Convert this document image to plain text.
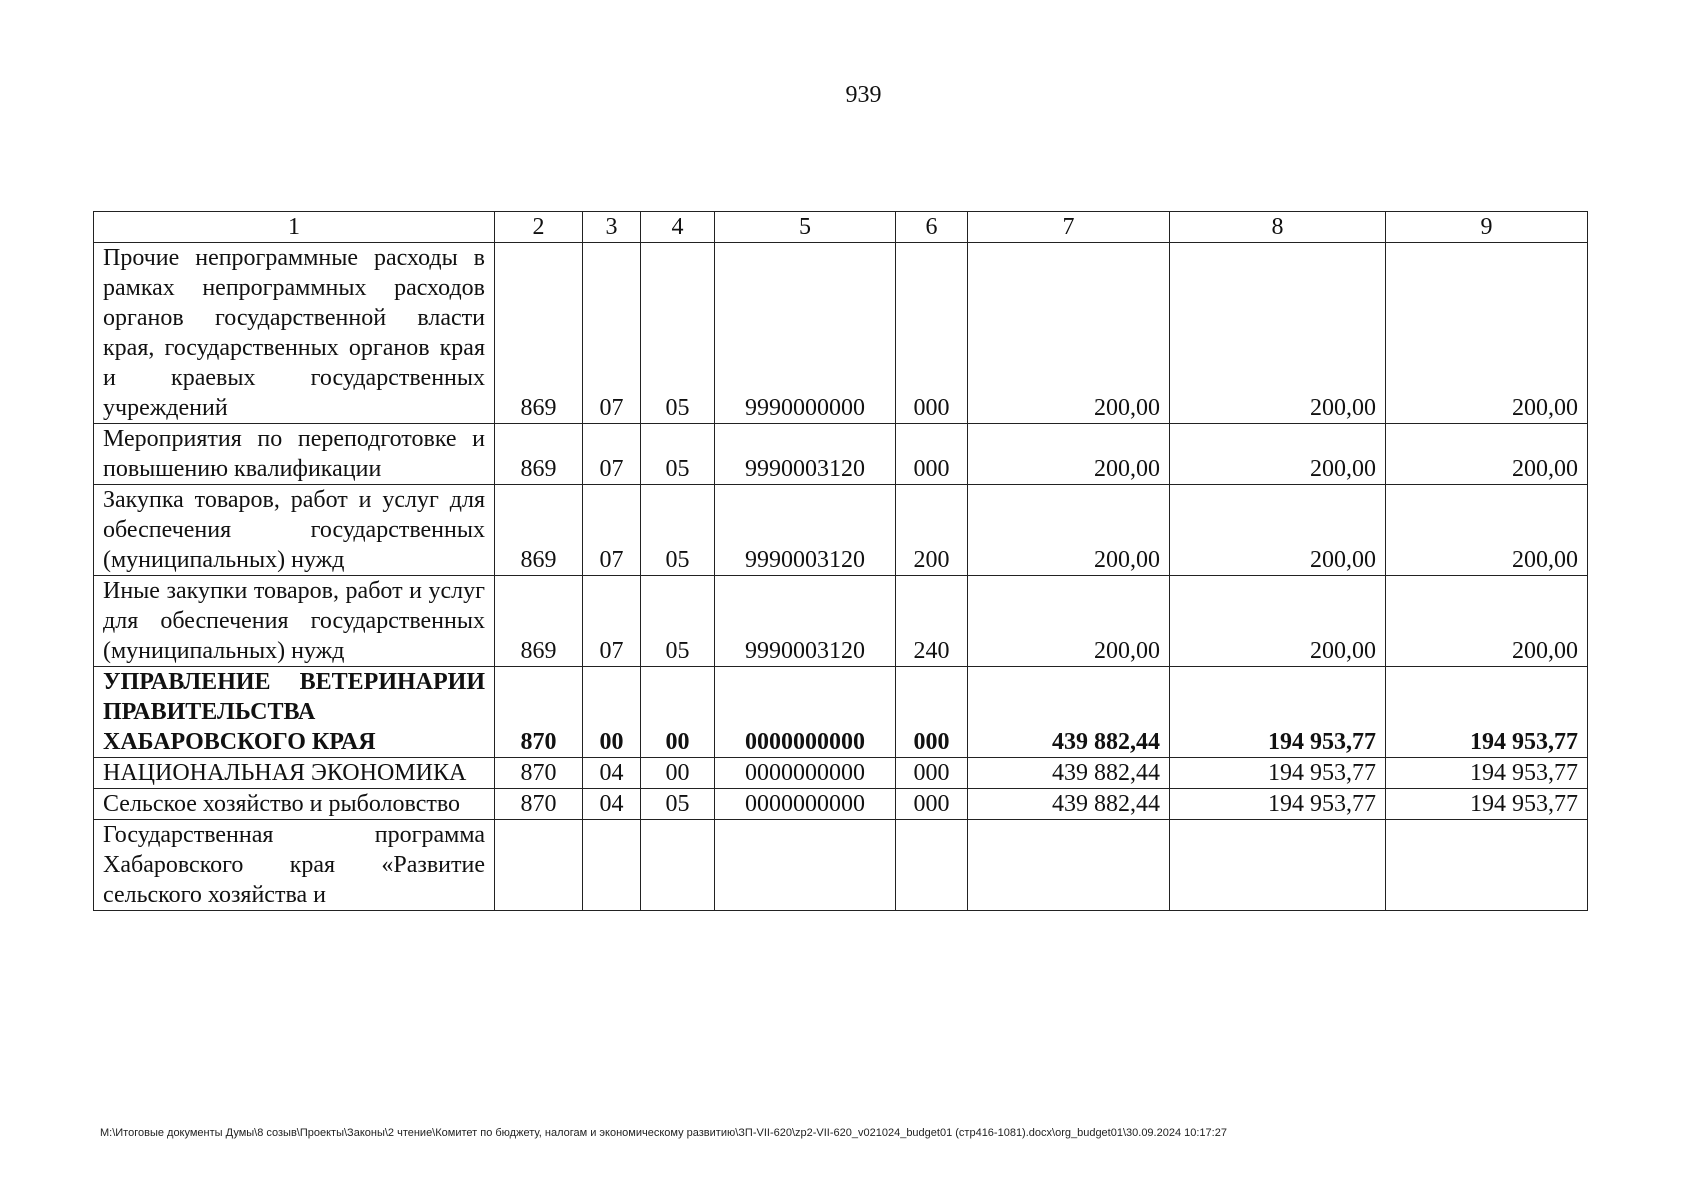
939
1	2	3	4	5	6	7	8	9
Прочие непрограммные расходы в рамках непрограммных расходов органов государственной власти края, государственных органов края и краевых государственных учреждений	869	07	05	9990000000	000	200,00	200,00	200,00
Мероприятия по переподготовке и повышению квалификации	869	07	05	9990003120	000	200,00	200,00	200,00
Закупка товаров, работ и услуг для обеспечения государственных (муниципальных) нужд	869	07	05	9990003120	200	200,00	200,00	200,00
Иные закупки товаров, работ и услуг для обеспечения государственных (муниципальных) нужд	869	07	05	9990003120	240	200,00	200,00	200,00
УПРАВЛЕНИЕ ВЕТЕРИНАРИИ ПРАВИТЕЛЬСТВА ХАБАРОВСКОГО КРАЯ	870	00	00	0000000000	000	439 882,44	194 953,77	194 953,77
НАЦИОНАЛЬНАЯ ЭКОНОМИКА	870	04	00	0000000000	000	439 882,44	194 953,77	194 953,77
Сельское хозяйство и рыболовство	870	04	05	0000000000	000	439 882,44	194 953,77	194 953,77
Государственная программа Хабаровского края «Развитие сельского хозяйства и								
M:\Итоговые документы Думы\8 созыв\Проекты\Законы\2 чтение\Комитет по бюджету, налогам и экономическому развитию\ЗП-VII-620\zp2-VII-620_v021024_budget01 (стр416-1081).docx\org_budget01\30.09.2024 10:17:27
